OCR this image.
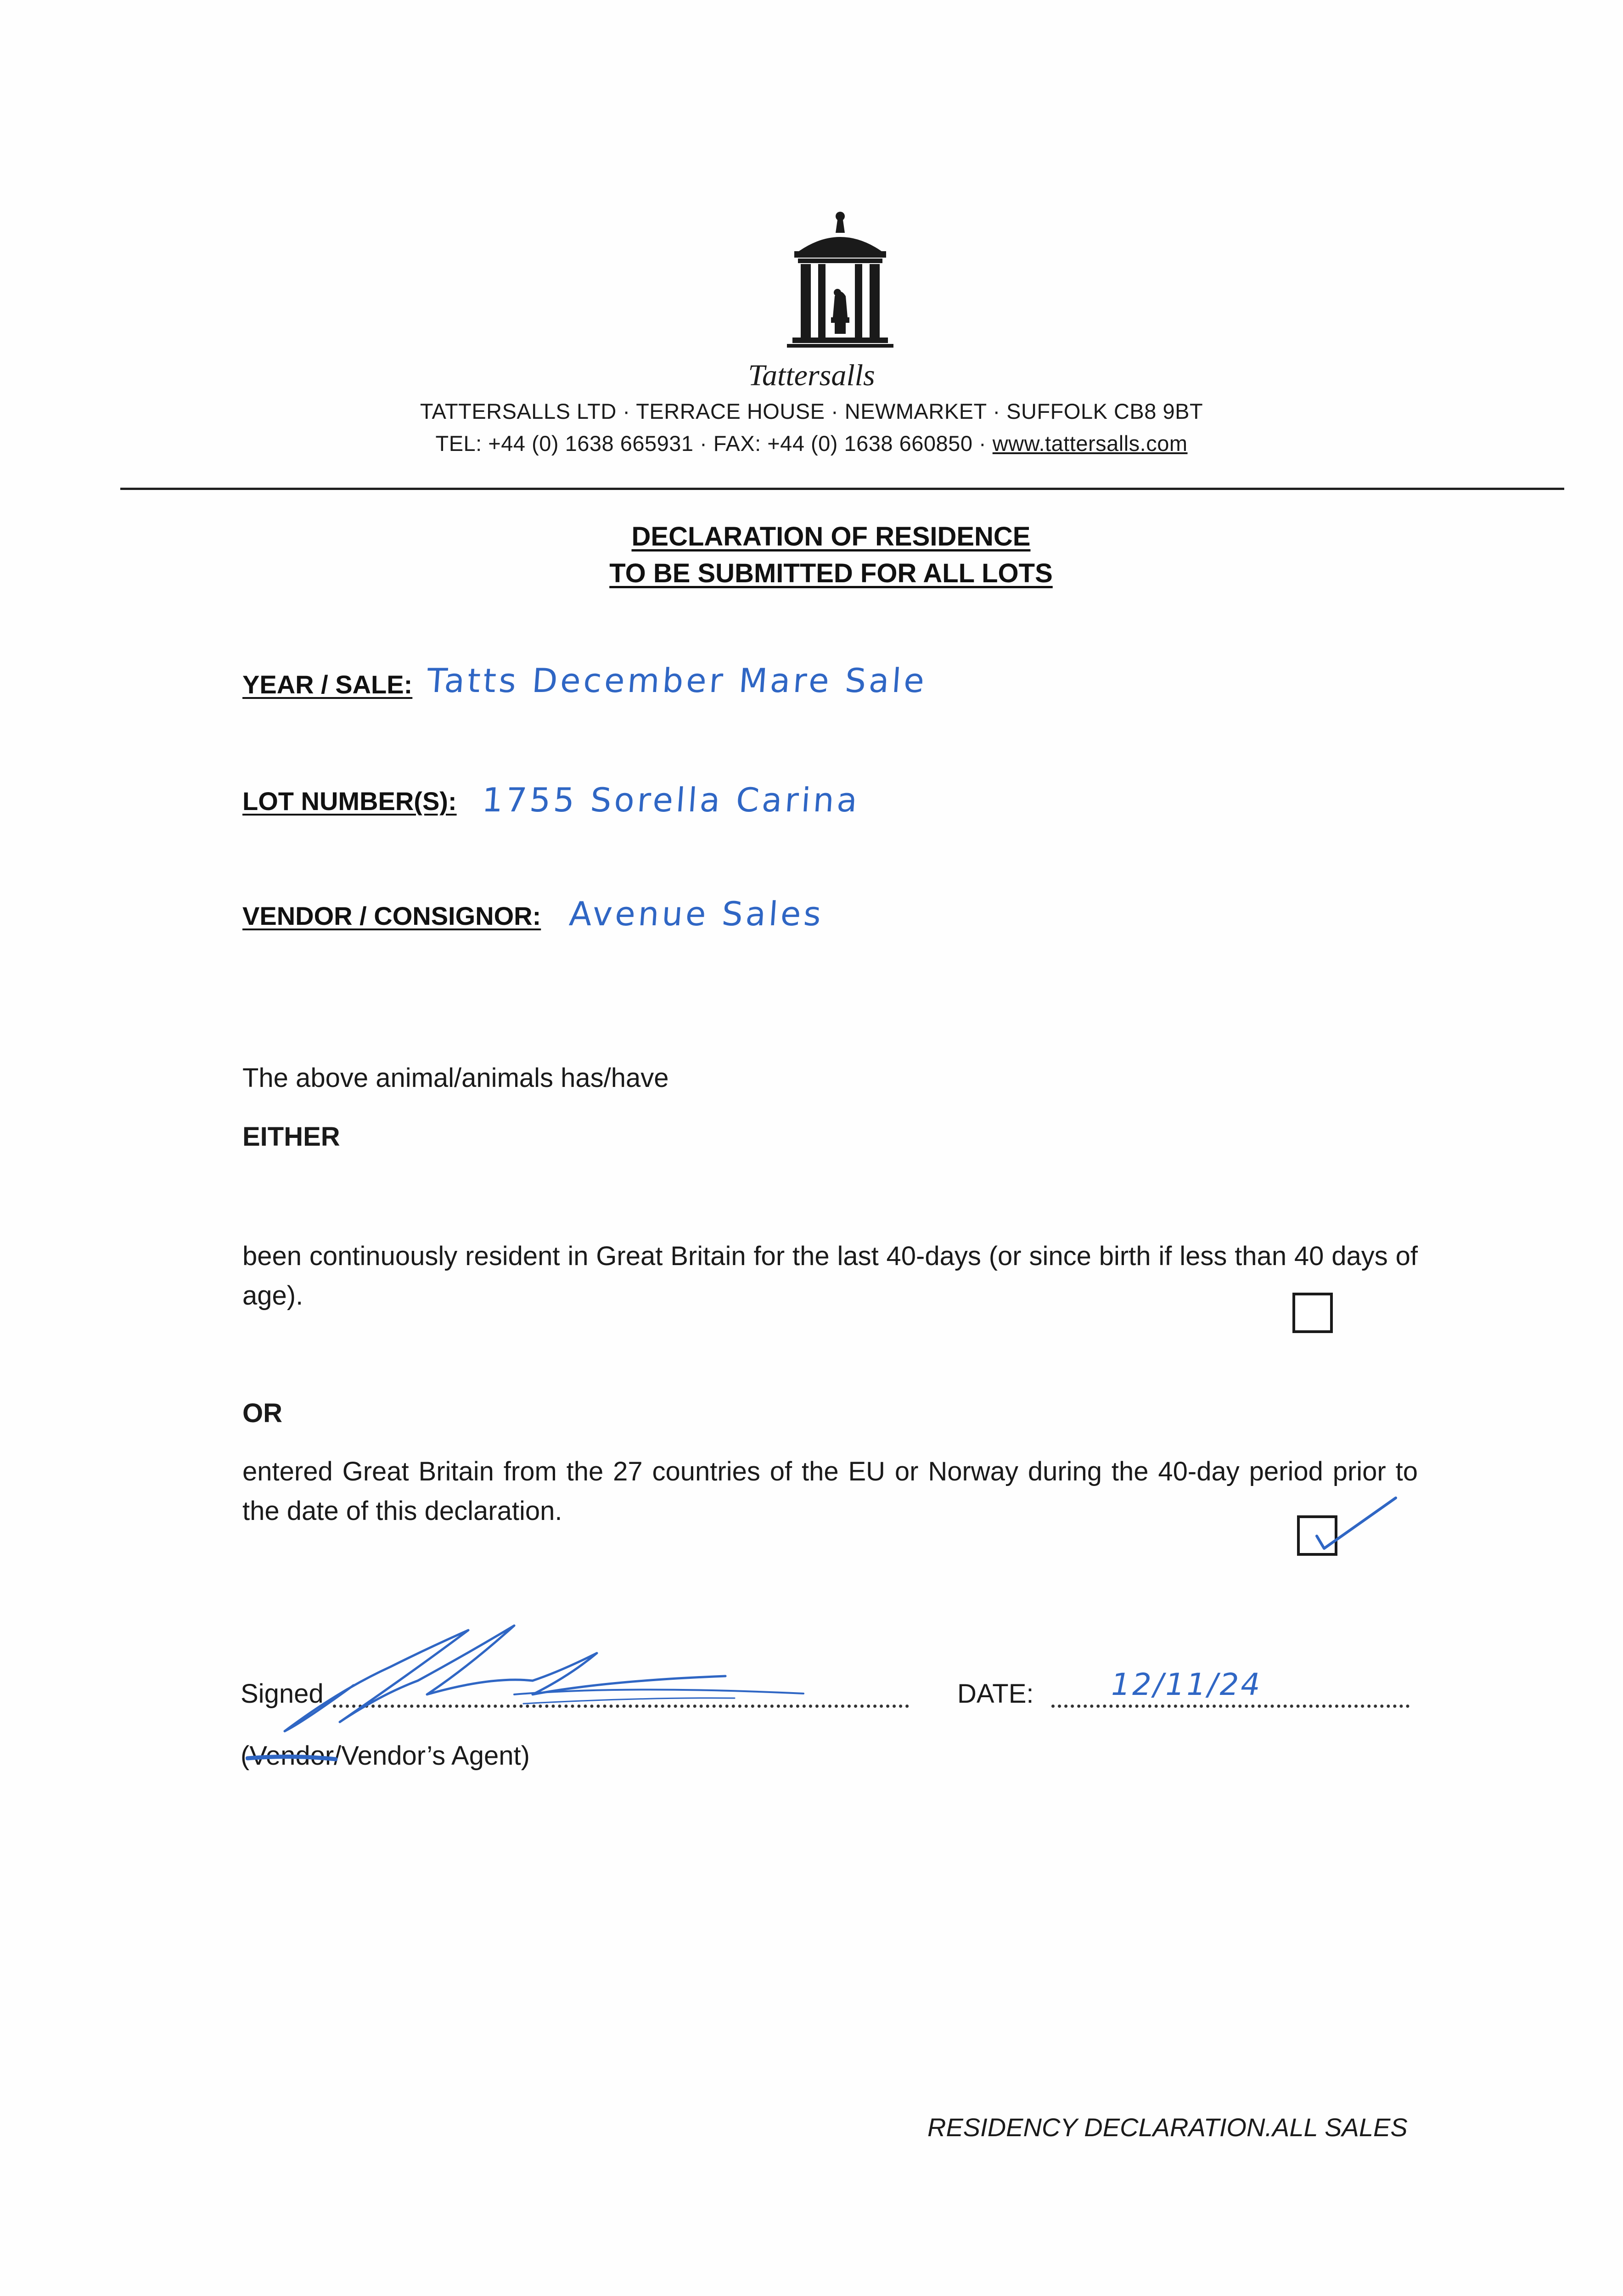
Tattersalls
TATTERSALLS LTD · TERRACE HOUSE · NEWMARKET · SUFFOLK CB8 9BT
TEL: +44 (0) 1638 665931 · FAX: +44 (0) 1638 660850 · www.tattersalls.com
DECLARATION OF RESIDENCE
TO BE SUBMITTED FOR ALL LOTS
YEAR / SALE: Tatts December Mare Sale
LOT NUMBER(S): 1755 Sorella Carina
VENDOR / CONSIGNOR: Avenue Sales
The above animal/animals has/have
EITHER
been continuously resident in Great Britain for the last 40-days (or since birth if less than 40 days of age).
OR
entered Great Britain from the 27 countries of the EU or Norway during the 40-day period prior to the date of this declaration.
Signed	DATE:	12/11/24
(Vendor
/Vendor’s Agent)
RESIDENCY DECLARATION.ALL SALES
